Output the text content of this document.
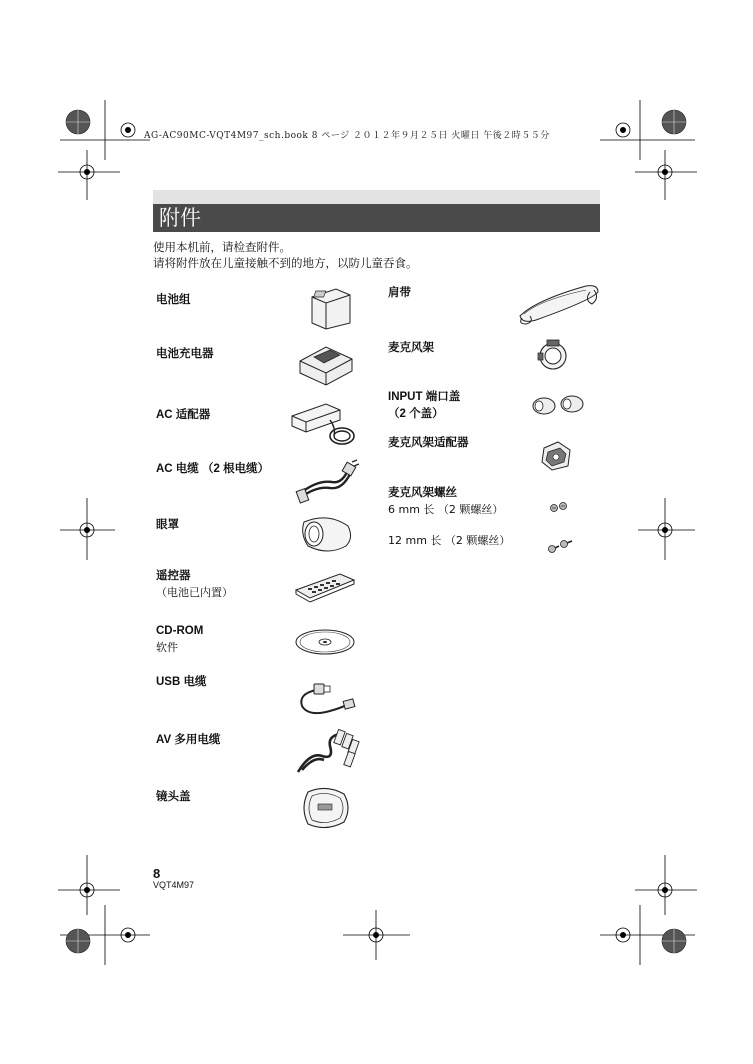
AG-AC90MC-VQT4M97_sch.book 8 ページ ２０１２年９月２５日 火曜日 午後２時５５分
附件
使用本机前，请检查附件。
请将附件放在儿童接触不到的地方，以防儿童吞食。
电池组
电池充电器
AC 适配器
AC 电缆 （2 根电缆）
眼罩
遥控器
（电池已内置）
CD-ROM
软件
USB 电缆
AV 多用电缆
镜头盖
肩带
麦克风架
INPUT 端口盖
（2 个盖）
麦克风架适配器
麦克风架螺丝
6 mm 长 （2 颗螺丝）
12 mm 长 （2 颗螺丝）
8
VQT4M97
